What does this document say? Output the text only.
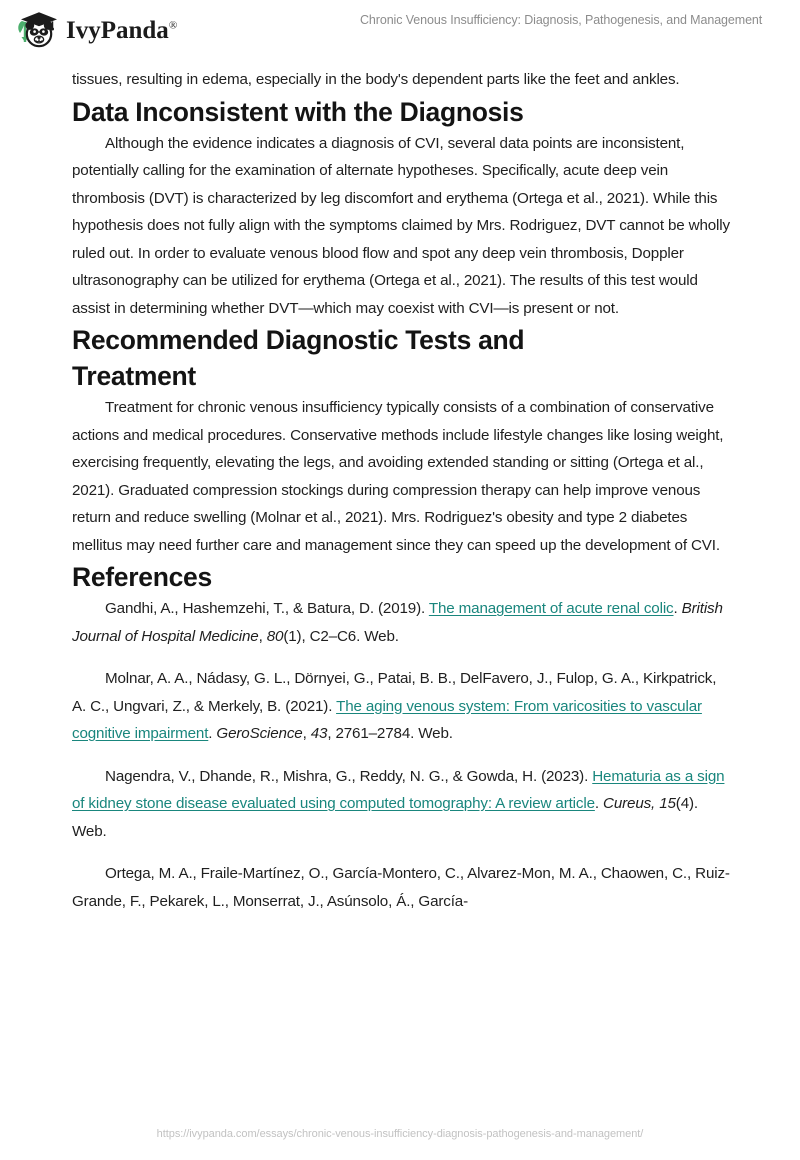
IvyPanda®	Chronic Venous Insufficiency: Diagnosis, Pathogenesis, and Management

tissues, resulting in edema, especially in the body's dependent parts like the feet and ankles.

Data Inconsistent with the Diagnosis

Although the evidence indicates a diagnosis of CVI, several data points are inconsistent, potentially calling for the examination of alternate hypotheses. Specifically, acute deep vein thrombosis (DVT) is characterized by leg discomfort and erythema (Ortega et al., 2021). While this hypothesis does not fully align with the symptoms claimed by Mrs. Rodriguez, DVT cannot be wholly ruled out. In order to evaluate venous blood flow and spot any deep vein thrombosis, Doppler ultrasonography can be utilized for erythema (Ortega et al., 2021). The results of this test would assist in determining whether DVT—which may coexist with CVI—is present or not.

Recommended Diagnostic Tests and Treatment

Treatment for chronic venous insufficiency typically consists of a combination of conservative actions and medical procedures. Conservative methods include lifestyle changes like losing weight, exercising frequently, elevating the legs, and avoiding extended standing or sitting (Ortega et al., 2021). Graduated compression stockings during compression therapy can help improve venous return and reduce swelling (Molnar et al., 2021). Mrs. Rodriguez's obesity and type 2 diabetes mellitus may need further care and management since they can speed up the development of CVI.

References

Gandhi, A., Hashemzehi, T., & Batura, D. (2019). The management of acute renal colic. British Journal of Hospital Medicine, 80(1), C2–C6. Web.

Molnar, A. A., Nádasy, G. L., Dörnyei, G., Patai, B. B., DelFavero, J., Fulop, G. A., Kirkpatrick, A. C., Ungvari, Z., & Merkely, B. (2021). The aging venous system: From varicosities to vascular cognitive impairment. GeroScience, 43, 2761–2784. Web.

Nagendra, V., Dhande, R., Mishra, G., Reddy, N. G., & Gowda, H. (2023). Hematuria as a sign of kidney stone disease evaluated using computed tomography: A review article. Cureus, 15(4). Web.

Ortega, M. A., Fraile-Martínez, O., García-Montero, C., Alvarez-Mon, M. A., Chaowen, C., Ruiz-Grande, F., Pekarek, L., Monserrat, J., Asúnsolo, Á., García-

https://ivypanda.com/essays/chronic-venous-insufficiency-diagnosis-pathogenesis-and-management/
